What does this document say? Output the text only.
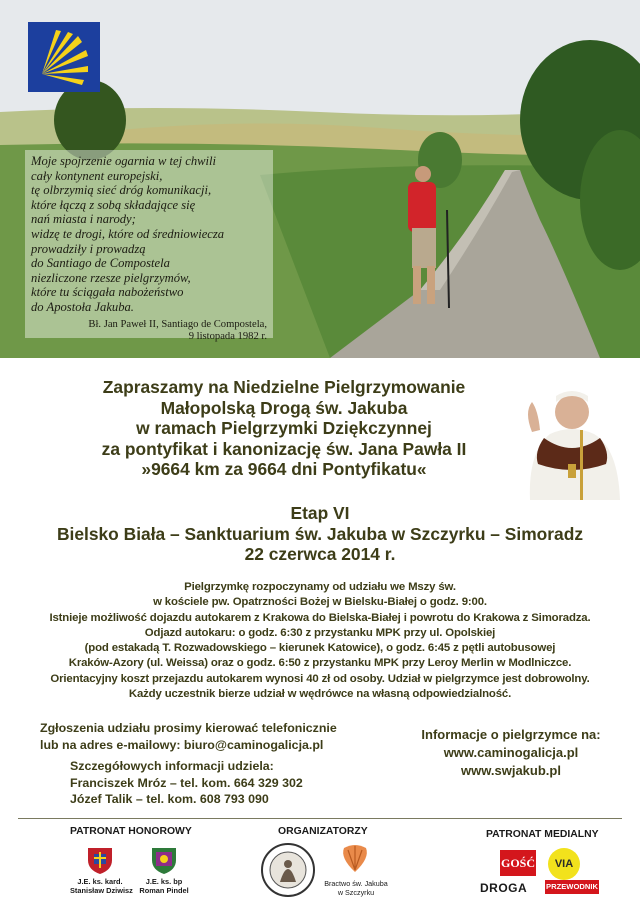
Moje spojrzenie ogarnia w tej chwili
cały kontynent europejski,
tę olbrzymią sieć dróg komunikacji,
które łączą z sobą składające się
nań miasta i narody;
widzę te drogi, które od średniowiecza
prowadziły i prowadzą
do Santiago de Compostela
niezliczone rzesze pielgrzymów,
które tu ściągała nabożeństwo
do Apostoła Jakuba.
Bł. Jan Paweł II, Santiago de Compostela,
9 listopada 1982 r.
Zapraszamy na Niedzielne Pielgrzymowanie
Małopolską Drogą św. Jakuba
w ramach Pielgrzymki Dziękczynnej
za pontyfikat i kanonizację św. Jana Pawła II
»9664 km za 9664 dni Pontyfikatu«
Etap VI
Bielsko Biała – Sanktuarium św. Jakuba w Szczyrku – Simoradz
22 czerwca 2014 r.
Pielgrzymkę rozpoczynamy od udziału we Mszy św.
w kościele pw. Opatrzności Bożej w Bielsku-Białej o godz. 9:00.
Istnieje możliwość dojazdu autokarem z Krakowa do Bielska-Białej i powrotu do Krakowa z Simoradza.
Odjazd autokaru: o godz. 6:30 z przystanku MPK przy ul. Opolskiej
(pod estakadą T. Rozwadowskiego – kierunek Katowice), o godz. 6:45 z pętli autobusowej
Kraków-Azory (ul. Weissa) oraz o godz. 6:50 z przystanku MPK przy Leroy Merlin w Modlniczce.
Orientacyjny koszt przejazdu autokarem wynosi 40 zł od osoby. Udział w pielgrzymce jest dobrowolny.
Każdy uczestnik bierze udział w wędrówce na własną odpowiedzialność.
Zgłoszenia udziału prosimy kierować telefonicznie
lub na adres e-mailowy: biuro@caminogalicja.pl
Szczegółowych informacji udziela:
Franciszek Mróz – tel. kom. 664 329 302
Józef Talik – tel. kom. 608 793 090
Informacje o pielgrzymce na:
www.caminogalicja.pl
www.swjakub.pl
PATRONAT HONOROWY	ORGANIZATORZY	PATRONAT MEDIALNY
J.E. ks. kard.
Stanisław Dziwisz
J.E. ks. bp
Roman Pindel
Bractwo św. Jakuba
w Szczyrku
GOŚĆ	VIA
DROGA	PRZEWODNIK
